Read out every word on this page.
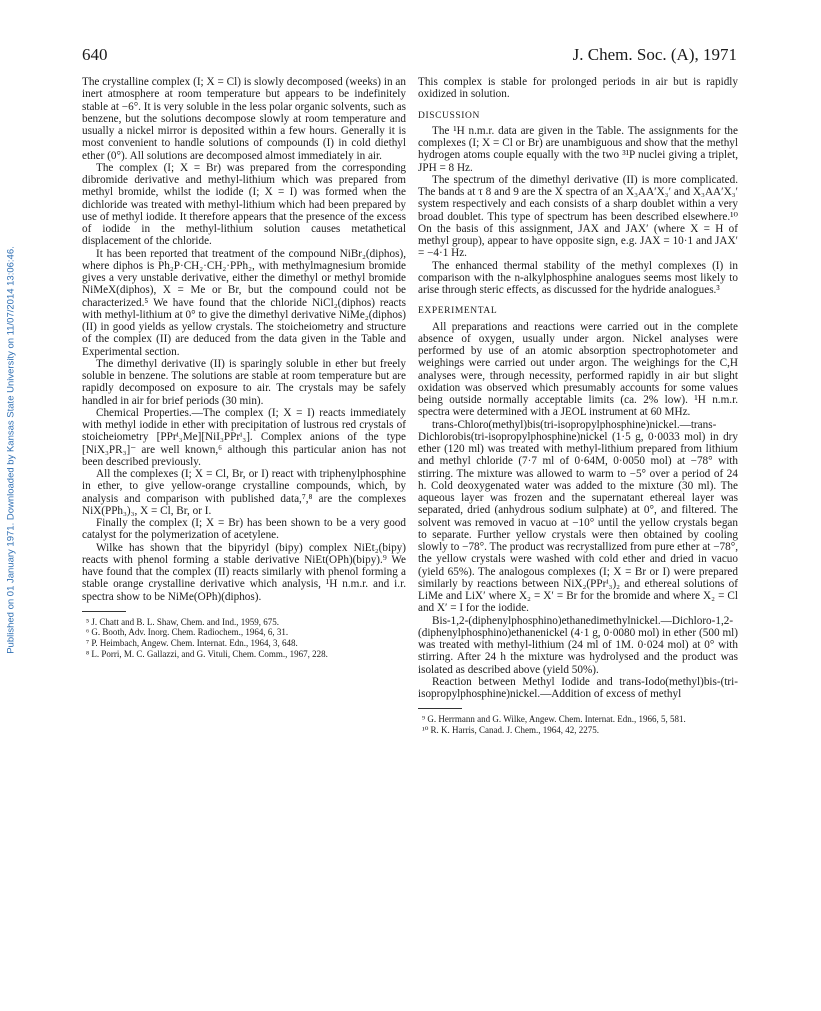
640	J. Chem. Soc. (A), 1971
Published on 01 January 1971. Downloaded by Kansas State University on 11/07/2014 13:06:46.

The crystalline complex (I; X = Cl) is slowly decomposed (weeks) in an inert atmosphere at room temperature but appears to be indefinitely stable at −6°. It is very soluble in the less polar organic solvents, such as benzene, but the solutions decompose slowly at room temperature and usually a nickel mirror is deposited within a few hours. Generally it is most convenient to handle solutions of compounds (I) in cold diethyl ether (0°). All solutions are decomposed almost immediately in air.

The complex (I; X = Br) was prepared from the corresponding dibromide derivative and methyl-lithium which was prepared from methyl bromide, whilst the iodide (I; X = I) was formed when the dichloride was treated with methyl-lithium which had been prepared by use of methyl iodide. It therefore appears that the presence of the excess of iodide in the methyl-lithium solution causes metathetical displacement of the chloride.

It has been reported that treatment of the compound NiBr₂(diphos), where diphos is Ph₂P·CH₂·CH₂·PPh₂, with methylmagnesium bromide gives a very unstable derivative, either the dimethyl or methyl bromide NiMeX(diphos), X = Me or Br, but the compound could not be characterized.⁵ We have found that the chloride NiCl₂(diphos) reacts with methyl-lithium at 0° to give the dimethyl derivative NiMe₂(diphos) (II) in good yields as yellow crystals. The stoicheiometry and structure of the complex (II) are deduced from the data given in the Table and Experimental section.

The dimethyl derivative (II) is sparingly soluble in ether but freely soluble in benzene. The solutions are stable at room temperature but are rapidly decomposed on exposure to air. The crystals may be safely handled in air for brief periods (30 min).

Chemical Properties.—The complex (I; X = I) reacts immediately with methyl iodide in ether with precipitation of lustrous red crystals of stoicheiometry [PPrⁱ₃Me][NiI₃PPrⁱ₃]. Complex anions of the type [NiX₃PR₃]⁻ are well known,⁶ although this particular anion has not been described previously.

All the complexes (I; X = Cl, Br, or I) react with triphenylphosphine in ether, to give yellow-orange crystalline compounds, which, by analysis and comparison with published data,⁷,⁸ are the complexes NiX(PPh₃)₃, X = Cl, Br, or I.

Finally the complex (I; X = Br) has been shown to be a very good catalyst for the polymerization of acetylene.

Wilke has shown that the bipyridyl (bipy) complex NiEt₂(bipy) reacts with phenol forming a stable derivative NiEt(OPh)(bipy).⁹ We have found that the complex (II) reacts similarly with phenol forming a stable orange crystalline derivative which analysis, ¹H n.m.r. and i.r. spectra show to be NiMe(OPh)(diphos).

⁵ J. Chatt and B. L. Shaw, Chem. and Ind., 1959, 675.
⁶ G. Booth, Adv. Inorg. Chem. Radiochem., 1964, 6, 31.
⁷ P. Heimbach, Angew. Chem. Internat. Edn., 1964, 3, 648.
⁸ L. Porri, M. C. Gallazzi, and G. Vituli, Chem. Comm., 1967, 228.

This complex is stable for prolonged periods in air but is rapidly oxidized in solution.

DISCUSSION

The ¹H n.m.r. data are given in the Table. The assignments for the complexes (I; X = Cl or Br) are unambiguous and show that the methyl hydrogen atoms couple equally with the two ³¹P nuclei giving a triplet, JPH = 8 Hz.

The spectrum of the dimethyl derivative (II) is more complicated. The bands at τ 8 and 9 are the X spectra of an X₃AA′X₃′ and X₃AA′X₃′ system respectively and each consists of a sharp doublet within a very broad doublet. This type of spectrum has been described elsewhere.¹⁰ On the basis of this assignment, JAX and JAX′ (where X = H of methyl group), appear to have opposite sign, e.g. JAX = 10·1 and JAX′ = −4·1 Hz.

The enhanced thermal stability of the methyl complexes (I) in comparison with the n-alkylphosphine analogues seems most likely to arise through steric effects, as discussed for the hydride analogues.³

EXPERIMENTAL

All preparations and reactions were carried out in the complete absence of oxygen, usually under argon. Nickel analyses were performed by use of an atomic absorption spectrophotometer and weighings were carried out under argon. The weighings for the C,H analyses were, through necessity, performed rapidly in air but slight oxidation was observed which presumably accounts for some values being outside normally acceptable limits (ca. 2% low). ¹H n.m.r. spectra were determined with a JEOL instrument at 60 MHz.

trans-Chloro(methyl)bis(tri-isopropylphosphine)nickel.—trans-Dichlorobis(tri-isopropylphosphine)nickel (1·5 g, 0·0033 mol) in dry ether (120 ml) was treated with methyl-lithium prepared from lithium and methyl chloride (7·7 ml of 0·64M, 0·0050 mol) at −78° with stirring. The mixture was allowed to warm to −5° over a period of 24 h. Cold deoxygenated water was added to the mixture (30 ml). The aqueous layer was frozen and the supernatant ethereal layer was separated, dried (anhydrous sodium sulphate) at 0°, and filtered. The solvent was removed in vacuo at −10° until the yellow crystals began to separate. Further yellow crystals were then obtained by cooling slowly to −78°. The product was recrystallized from pure ether at −78°, the yellow crystals were washed with cold ether and dried in vacuo (yield 65%). The analogous complexes (I; X = Br or I) were prepared similarly by reactions between NiX₂(PPrⁱ₃)₂ and ethereal solutions of LiMe and LiX′ where X₂ = X′ = Br for the bromide and where X₂ = Cl and X′ = I for the iodide.

Bis-1,2-(diphenylphosphino)ethanedimethylnickel.—Dichloro-1,2-(diphenylphosphino)ethanenickel (4·1 g, 0·0080 mol) in ether (500 ml) was treated with methyl-lithium (24 ml of 1M. 0·024 mol) at 0° with stirring. After 24 h the mixture was hydrolysed and the product was isolated as described above (yield 50%).

Reaction between Methyl Iodide and trans-Iodo(methyl)bis-(tri-isopropylphosphine)nickel.—Addition of excess of methyl

⁹ G. Herrmann and G. Wilke, Angew. Chem. Internat. Edn., 1966, 5, 581.
¹⁰ R. K. Harris, Canad. J. Chem., 1964, 42, 2275.
